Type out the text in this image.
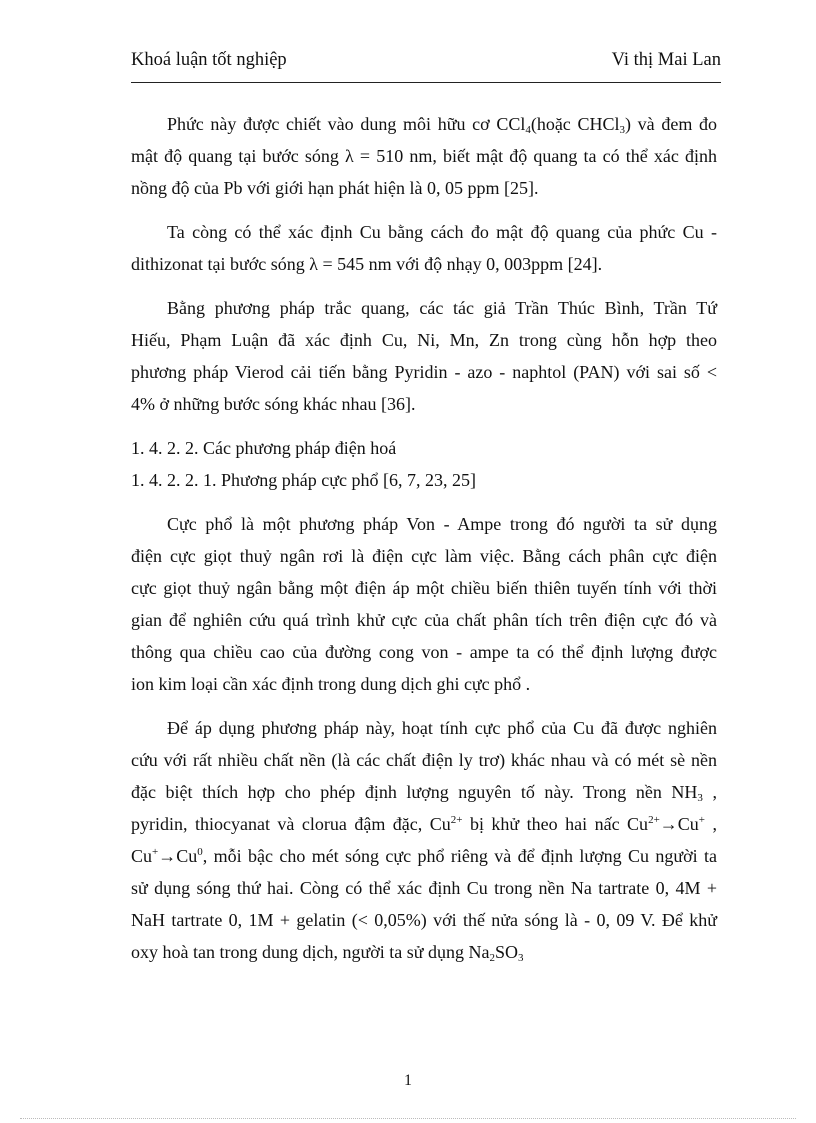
Khoá luận tốt nghiệp	Vi thị Mai Lan
Phức này được chiết vào dung môi hữu cơ CCl$_4$(hoặc CHCl$_3$) và đem đo
mật độ quang tại bước sóng λ = 510 nm, biết mật độ quang ta có thể xác định
nồng độ của Pb với giới hạn phát hiện là 0, 05 ppm [25].
Ta còng có thể xác định Cu bằng cách đo mật độ quang của phức Cu -
dithizonat tại bước sóng λ = 545 nm với độ nhạy 0, 003ppm [24].
Bằng phương pháp trắc quang, các tác giả Trần Thúc Bình, Trần Tứ
Hiếu, Phạm Luận đã xác định Cu, Ni, Mn, Zn trong cùng hỗn hợp theo
phương pháp Vierod cải tiến bằng Pyridin - azo - naphtol (PAN) với sai số <
4% ở những bước sóng khác nhau [36].
1. 4. 2. 2. Các phương pháp điện hoá
1. 4. 2. 2. 1. Phương pháp cực phổ [6, 7, 23, 25]
Cực phổ là một phương pháp Von - Ampe trong đó người ta sử dụng
điện cực giọt thuỷ ngân rơi là điện cực làm việc. Bằng cách phân cực điện
cực giọt thuỷ ngân bằng một điện áp một chiều biến thiên tuyến tính với thời
gian để nghiên cứu quá trình khử cực của chất phân tích trên điện cực đó và
thông qua chiều cao của đường cong von - ampe ta có thể định lượng được
ion kim loại cần xác định trong dung dịch ghi cực phổ .
Để áp dụng phương pháp này, hoạt tính cực phổ của Cu đã được nghiên
cứu với rất nhiều chất nền (là các chất điện ly trơ) khác nhau và có mét sè nền
đặc biệt thích hợp cho phép định lượng nguyên tố này. Trong nền $NH_3$ ,
pyridin, thiocyanat và clorua đậm đặc, $Cu^{2+}$ bị khử theo hai nấc $Cu^{2+}\to Cu^+$ ,
$Cu^+\to Cu^0$, mỗi bậc cho mét sóng cực phổ riêng và để định lượng Cu người ta
sử dụng sóng thứ hai. Còng có thể xác định Cu trong nền Na tartrate 0, 4M +
NaH tartrate 0, 1M + gelatin (< 0,05%) với thế nửa sóng là - 0, 09 V. Để khử
oxy hoà tan trong dung dịch, người ta sử dụng $Na_2SO_3$
1
